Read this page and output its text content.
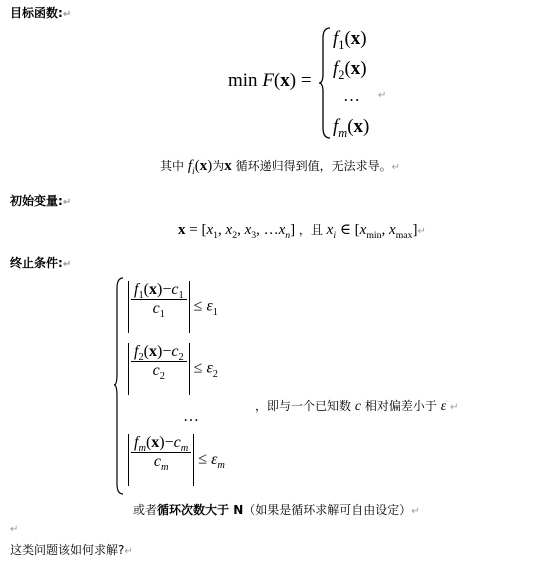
目标函数:↵
min F(x) =
$f_1(x)$
$f_2(x)$
… ↵
$f_m(x)$
其中 $f_i(x)$为x 循环递归得到值，无法求导。↵
初始变量:↵
$x = [x_1$, $x_2$, $x_3$, $\dots x_n$] ，且 $x_i$ ∈ [$x_{min}$, $x_{max}]↵$
终止条件:↵
$\frac{f_1(x)-c_1}{c_1} \le \varepsilon_1$
$\frac{f_2(x)-c_2}{c_2} \le \varepsilon_2$
…
，即与一个已知数 c 相对偏差小于 ε ↵
$\frac{f_m(x)-c_m}{c_m} \le \varepsilon_m$
或者循环次数大于 N（如果是循环求解可自由设定）↵
↵
这类问题该如何求解?↵
